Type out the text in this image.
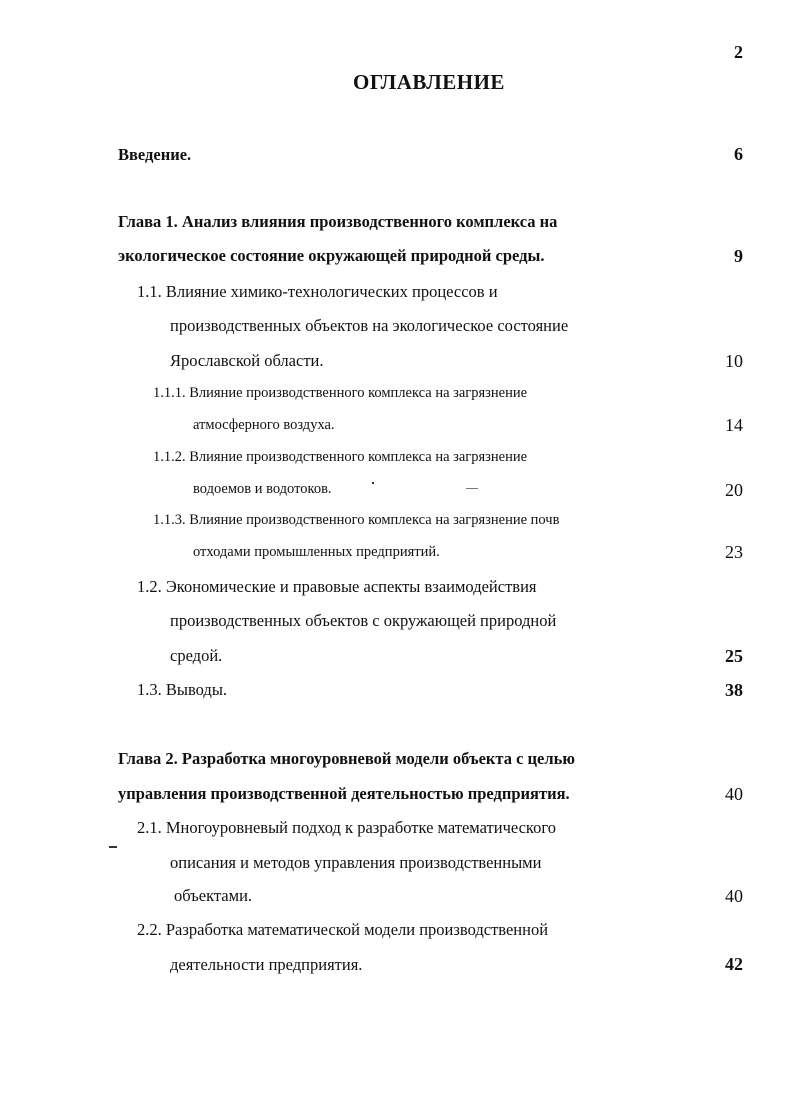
2
ОГЛАВЛЕНИЕ
Введение.	6
Глава 1. Анализ влияния производственного комплекса на
экологическое состояние окружающей природной среды.	9
1.1. Влияние химико-технологических процессов и
производственных объектов на экологическое состояние
Ярославской области.	10
1.1.1. Влияние производственного комплекса на загрязнение
атмосферного воздуха.	14
1.1.2. Влияние производственного комплекса на загрязнение
водоемов и водотоков.	20
1.1.3. Влияние производственного комплекса на загрязнение почв
отходами промышленных предприятий.	23
1.2. Экономические и правовые аспекты взаимодействия
производственных объектов с окружающей природной
средой.	25
1.3. Выводы.	38
Глава 2. Разработка многоуровневой модели объекта с целью
управления производственной деятельностью предприятия.	40
2.1. Многоуровневый подход к разработке математического
описания и методов управления производственными
объектами.	40
2.2. Разработка математической модели производственной
деятельности предприятия.	42
